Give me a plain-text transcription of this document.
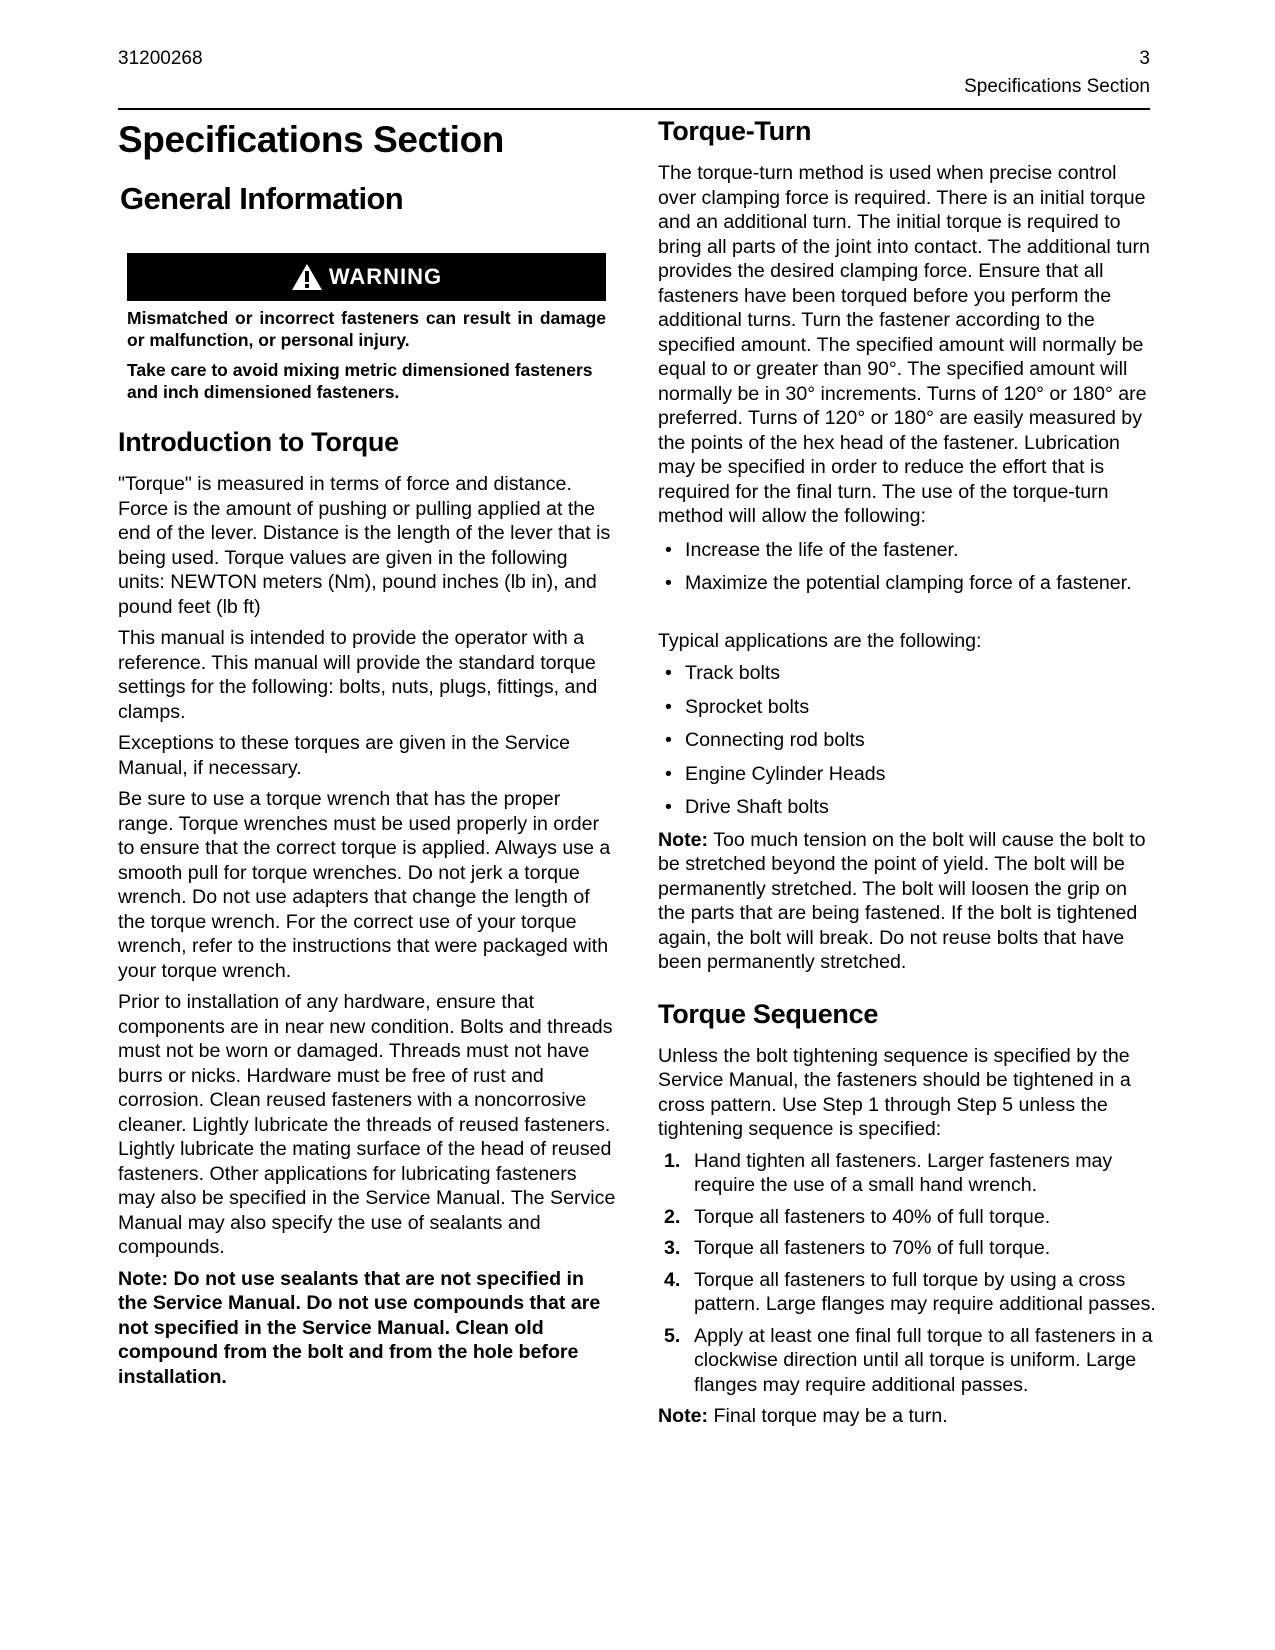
31200268	3
Specifications Section
Specifications Section
General Information
WARNING

Mismatched or incorrect fasteners can result in damage or malfunction, or personal injury.

Take care to avoid mixing metric dimensioned fasteners and inch dimensioned fasteners.

Introduction to Torque

"Torque" is measured in terms of force and distance. Force is the amount of pushing or pulling applied at the end of the lever. Distance is the length of the lever that is being used. Torque values are given in the following units: NEWTON meters (Nm), pound inches (lb in), and pound feet (lb ft)

This manual is intended to provide the operator with a reference. This manual will provide the standard torque settings for the following: bolts, nuts, plugs, fittings, and clamps.

Exceptions to these torques are given in the Service Manual, if necessary.

Be sure to use a torque wrench that has the proper range. Torque wrenches must be used properly in order to ensure that the correct torque is applied. Always use a smooth pull for torque wrenches. Do not jerk a torque wrench. Do not use adapters that change the length of the torque wrench. For the correct use of your torque wrench, refer to the instructions that were packaged with your torque wrench.

Prior to installation of any hardware, ensure that components are in near new condition. Bolts and threads must not be worn or damaged. Threads must not have burrs or nicks. Hardware must be free of rust and corrosion. Clean reused fasteners with a noncorrosive cleaner. Lightly lubricate the threads of reused fasteners. Lightly lubricate the mating surface of the head of reused fasteners. Other applications for lubricating fasteners may also be specified in the Service Manual. The Service Manual may also specify the use of sealants and compounds.

Note: Do not use sealants that are not specified in the Service Manual. Do not use compounds that are not specified in the Service Manual. Clean old compound from the bolt and from the hole before installation.

Torque-Turn

The torque-turn method is used when precise control over clamping force is required. There is an initial torque and an additional turn. The initial torque is required to bring all parts of the joint into contact. The additional turn provides the desired clamping force. Ensure that all fasteners have been torqued before you perform the additional turns. Turn the fastener according to the specified amount. The specified amount will normally be equal to or greater than 90°. The specified amount will normally be in 30° increments. Turns of 120° or 180° are preferred. Turns of 120° or 180° are easily measured by the points of the hex head of the fastener. Lubrication may be specified in order to reduce the effort that is required for the final turn. The use of the torque-turn method will allow the following:

• Increase the life of the fastener.
• Maximize the potential clamping force of a fastener.

Typical applications are the following:

• Track bolts
• Sprocket bolts
• Connecting rod bolts
• Engine Cylinder Heads
• Drive Shaft bolts

Note: Too much tension on the bolt will cause the bolt to be stretched beyond the point of yield. The bolt will be permanently stretched. The bolt will loosen the grip on the parts that are being fastened. If the bolt is tightened again, the bolt will break. Do not reuse bolts that have been permanently stretched.

Torque Sequence

Unless the bolt tightening sequence is specified by the Service Manual, the fasteners should be tightened in a cross pattern. Use Step 1 through Step 5 unless the tightening sequence is specified:

1. Hand tighten all fasteners. Larger fasteners may require the use of a small hand wrench.
2. Torque all fasteners to 40% of full torque.
3. Torque all fasteners to 70% of full torque.
4. Torque all fasteners to full torque by using a cross pattern. Large flanges may require additional passes.
5. Apply at least one final full torque to all fasteners in a clockwise direction until all torque is uniform. Large flanges may require additional passes.

Note: Final torque may be a turn.
